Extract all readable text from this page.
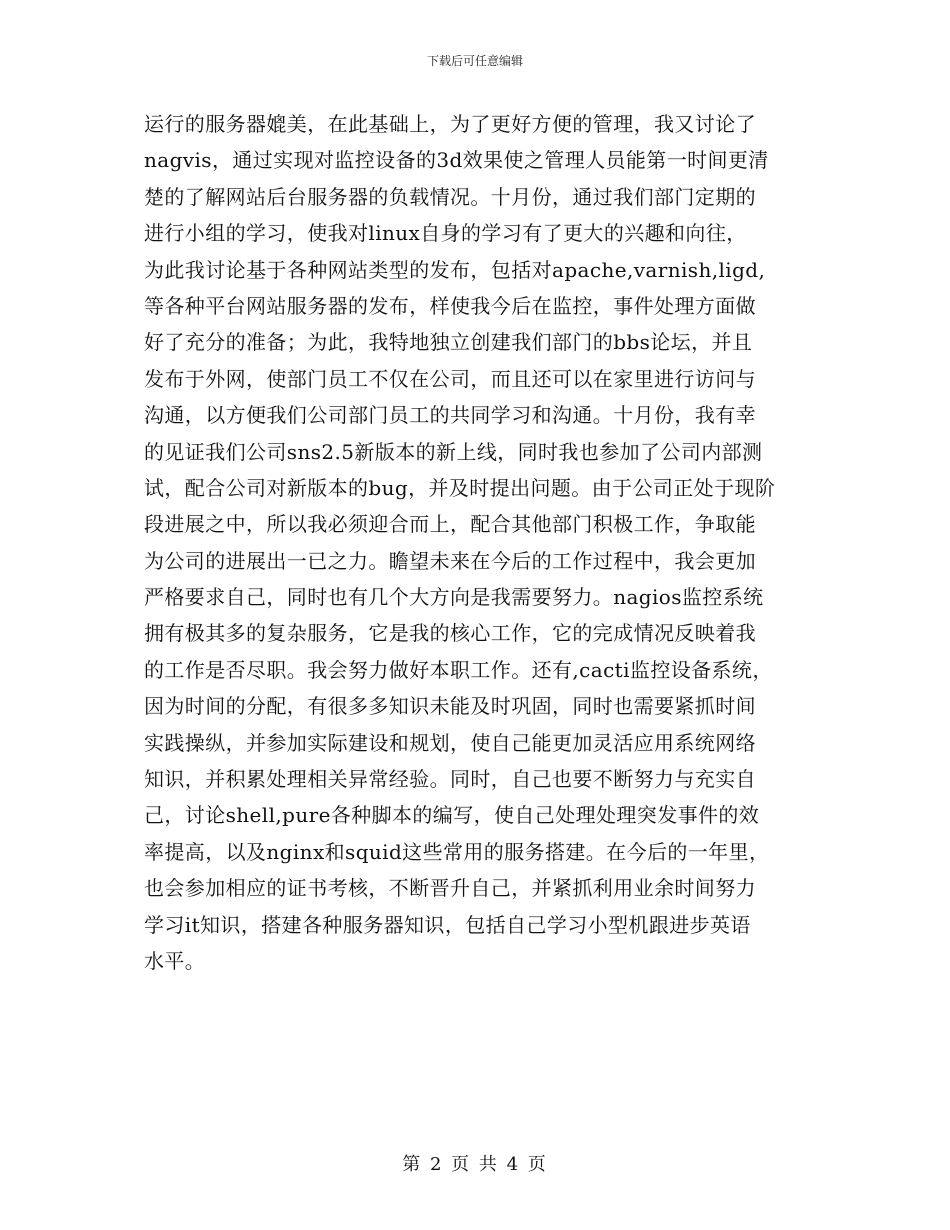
下载后可任意编辑
运行的服务器媲美，在此基础上，为了更好方便的管理，我又讨论了
nagvis，通过实现对监控设备的3d效果使之管理人员能第一时间更清
楚的了解网站后台服务器的负载情况。十月份，通过我们部门定期的
进行小组的学习，使我对linux自身的学习有了更大的兴趣和向往，
为此我讨论基于各种网站类型的发布，包括对apache,varnish,ligd,
等各种平台网站服务器的发布，样使我今后在监控，事件处理方面做
好了充分的准备；为此，我特地独立创建我们部门的bbs论坛，并且
发布于外网，使部门员工不仅在公司，而且还可以在家里进行访问与
沟通，以方便我们公司部门员工的共同学习和沟通。十月份，我有幸
的见证我们公司sns2.5新版本的新上线，同时我也参加了公司内部测
试，配合公司对新版本的bug，并及时提出问题。由于公司正处于现阶
段进展之中，所以我必须迎合而上，配合其他部门积极工作，争取能
为公司的进展出一已之力。瞻望未来在今后的工作过程中，我会更加
严格要求自己，同时也有几个大方向是我需要努力。nagios监控系统
拥有极其多的复杂服务，它是我的核心工作，它的完成情况反映着我
的工作是否尽职。我会努力做好本职工作。还有,cacti监控设备系统，
因为时间的分配，有很多多知识未能及时巩固，同时也需要紧抓时间
实践操纵，并参加实际建设和规划，使自己能更加灵活应用系统网络
知识，并积累处理相关异常经验。同时，自己也要不断努力与充实自
己，讨论shell,pure各种脚本的编写，使自己处理处理突发事件的效
率提高，以及nginx和squid这些常用的服务搭建。在今后的一年里，
也会参加相应的证书考核，不断晋升自己，并紧抓利用业余时间努力
学习it知识，搭建各种服务器知识，包括自己学习小型机跟进步英语
水平。
第 2 页 共 4 页
